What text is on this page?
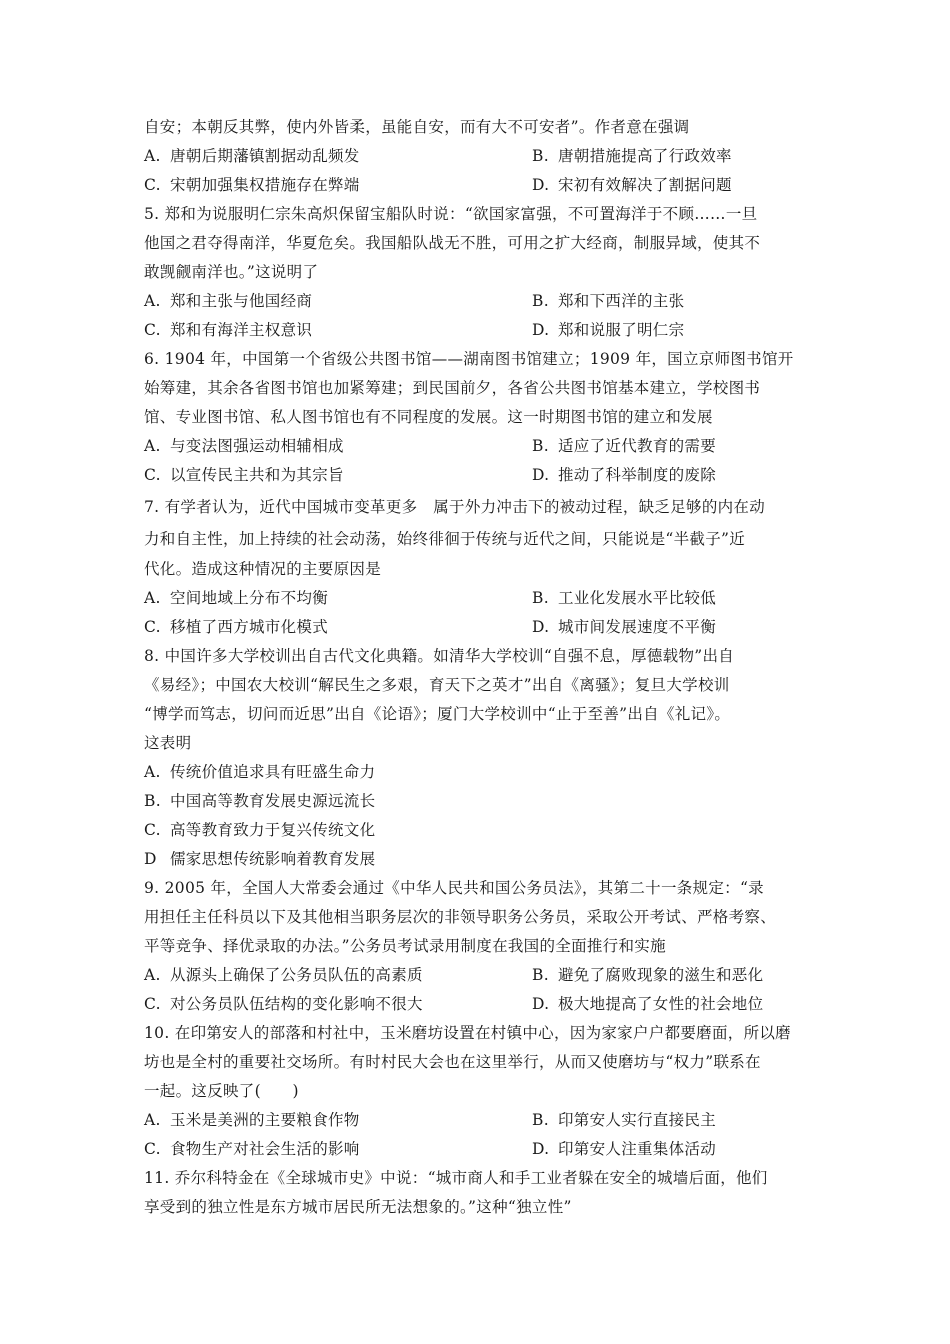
自安；本朝反其弊，使内外皆柔，虽能自安，而有大不可安者”。作者意在强调
A. 唐朝后期藩镇割据动乱频发	B. 唐朝措施提高了行政效率
C. 宋朝加强集权措施存在弊端	D. 宋初有效解决了割据问题
5. 郑和为说服明仁宗朱高炽保留宝船队时说：“欲国家富强，不可置海洋于不顾……一旦
他国之君夺得南洋，华夏危矣。我国船队战无不胜，可用之扩大经商，制服异域，使其不
敢觊觎南洋也。”这说明了
A. 郑和主张与他国经商	B. 郑和下西洋的主张
C. 郑和有海洋主权意识	D. 郑和说服了明仁宗
6. 1904 年，中国第一个省级公共图书馆——湖南图书馆建立；1909 年，国立京师图书馆开
始筹建，其余各省图书馆也加紧筹建；到民国前夕，各省公共图书馆基本建立，学校图书
馆、专业图书馆、私人图书馆也有不同程度的发展。这一时期图书馆的建立和发展
A. 与变法图强运动相辅相成	B. 适应了近代教育的需要
C. 以宣传民主共和为其宗旨	D. 推动了科举制度的废除
7. 有学者认为，近代中国城市变革更多　属于外力冲击下的被动过程，缺乏足够的内在动
力和自主性，加上持续的社会动荡，始终徘徊于传统与近代之间，只能说是“半截子”近
代化。造成这种情况的主要原因是
A. 空间地域上分布不均衡	B. 工业化发展水平比较低
C. 移植了西方城市化模式	D. 城市间发展速度不平衡
8. 中国许多大学校训出自古代文化典籍。如清华大学校训“自强不息，厚德载物”出自
《易经》；中国农大校训“解民生之多艰，育天下之英才”出自《离骚》；复旦大学校训
“博学而笃志，切问而近思”出自《论语》；厦门大学校训中“止于至善”出自《礼记》。
这表明
A. 传统价值追求具有旺盛生命力
B. 中国高等教育发展史源远流长
C. 高等教育致力于复兴传统文化
D 儒家思想传统影响着教育发展
9. 2005 年，全国人大常委会通过《中华人民共和国公务员法》，其第二十一条规定：“录
用担任主任科员以下及其他相当职务层次的非领导职务公务员，采取公开考试、严格考察、
平等竞争、择优录取的办法。”公务员考试录用制度在我国的全面推行和实施
A. 从源头上确保了公务员队伍的高素质	B. 避免了腐败现象的滋生和恶化
C. 对公务员队伍结构的变化影响不很大	D. 极大地提高了女性的社会地位
10. 在印第安人的部落和村社中，玉米磨坊设置在村镇中心，因为家家户户都要磨面，所以磨
坊也是全村的重要社交场所。有时村民大会也在这里举行，从而又使磨坊与“权力”联系在
一起。这反映了(　　)
A. 玉米是美洲的主要粮食作物	B. 印第安人实行直接民主
C. 食物生产对社会生活的影响	D. 印第安人注重集体活动
11. 乔尔科特金在《全球城市史》中说：“城市商人和手工业者躲在安全的城墙后面，他们
享受到的独立性是东方城市居民所无法想象的。”这种“独立性”
